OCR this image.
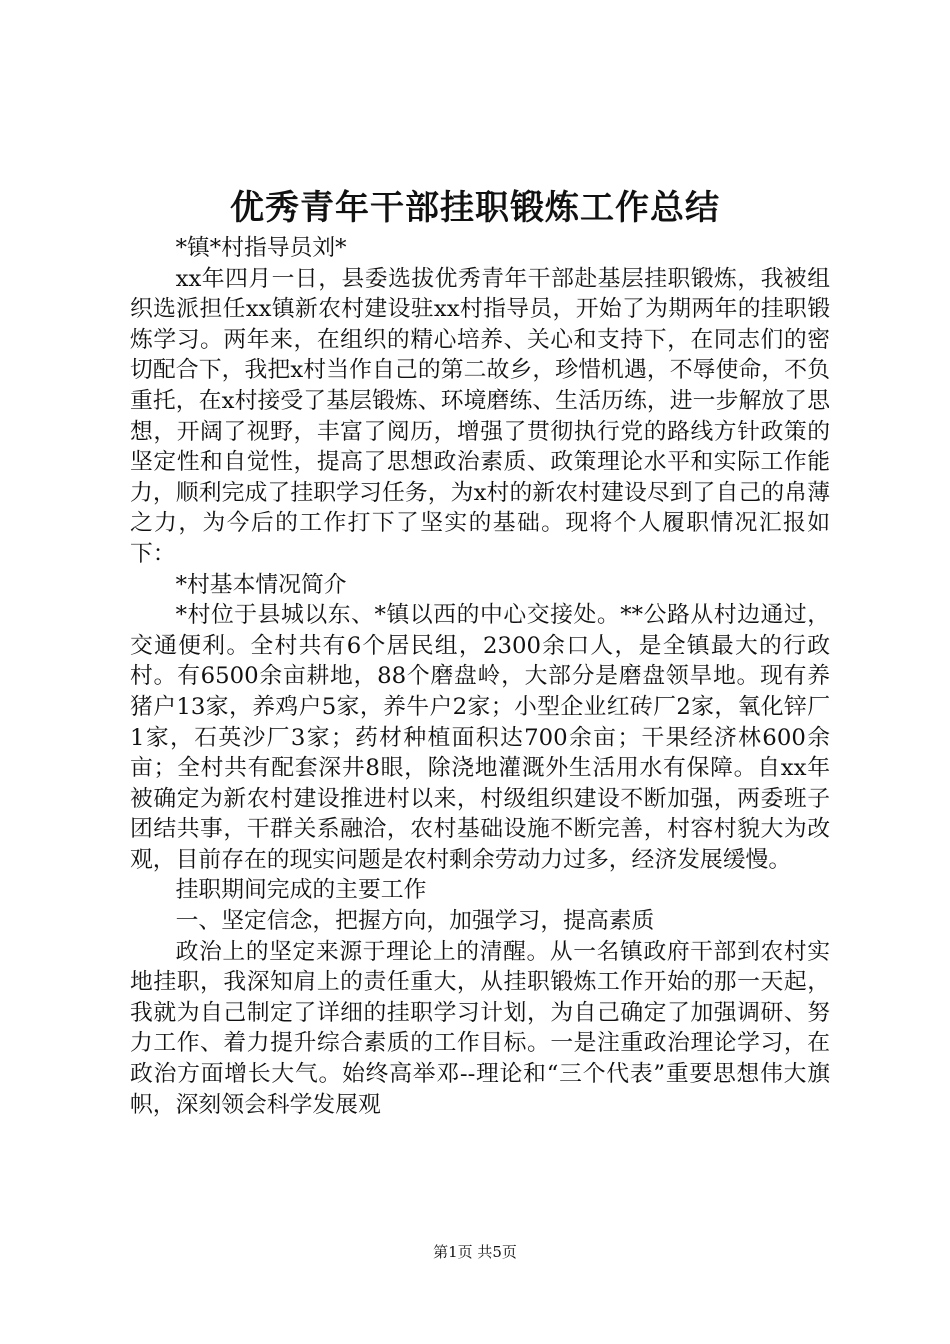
优秀青年干部挂职锻炼工作总结

*镇*村指导员刘*

xx年四月一日，县委选拔优秀青年干部赴基层挂职锻炼，我被组织选派担任xx镇新农村建设驻xx村指导员，开始了为期两年的挂职锻炼学习。两年来，在组织的精心培养、关心和支持下，在同志们的密切配合下，我把x村当作自己的第二故乡，珍惜机遇，不辱使命，不负重托，在x村接受了基层锻炼、环境磨练、生活历练，进一步解放了思想，开阔了视野，丰富了阅历，增强了贯彻执行党的路线方针政策的坚定性和自觉性，提高了思想政治素质、政策理论水平和实际工作能力，顺利完成了挂职学习任务，为x村的新农村建设尽到了自己的帛薄之力，为今后的工作打下了坚实的基础。现将个人履职情况汇报如下：

*村基本情况简介

*村位于县城以东、*镇以西的中心交接处。**公路从村边通过，交通便利。全村共有6个居民组，2300余口人，是全镇最大的行政村。有6500余亩耕地，88个磨盘岭，大部分是磨盘领旱地。现有养猪户13家，养鸡户5家，养牛户2家；小型企业红砖厂2家，氧化锌厂1家，石英沙厂3家；药材种植面积达700余亩；干果经济林600余亩；全村共有配套深井8眼，除浇地灌溉外生活用水有保障。自xx年被确定为新农村建设推进村以来，村级组织建设不断加强，两委班子团结共事，干群关系融洽，农村基础设施不断完善，村容村貌大为改观，目前存在的现实问题是农村剩余劳动力过多，经济发展缓慢。

挂职期间完成的主要工作

一、坚定信念，把握方向，加强学习，提高素质

政治上的坚定来源于理论上的清醒。从一名镇政府干部到农村实地挂职，我深知肩上的责任重大，从挂职锻炼工作开始的那一天起，我就为自己制定了详细的挂职学习计划，为自己确定了加强调研、努力工作、着力提升综合素质的工作目标。一是注重政治理论学习，在政治方面增长大气。始终高举邓--理论和“三个代表”重要思想伟大旗帜，深刻领会科学发展观

第1页 共5页
